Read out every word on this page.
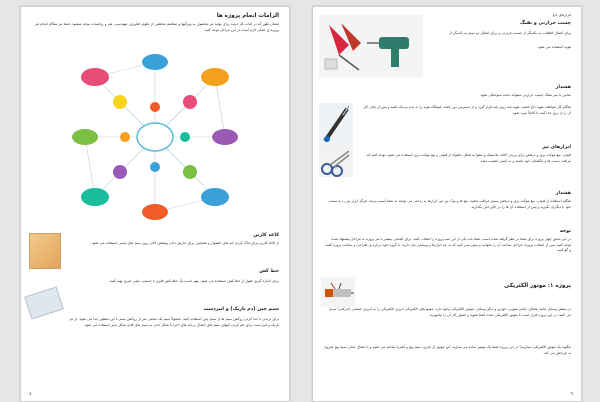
الزامات انجام پروژه ها
شمان طور که در کتاب کار دیدید برای تولید هر محصول به ویژگیها و مفاهیم مختلفی از علوم، فناوری، مهندسی، هنر و ریاضیات توجه میشود. شما نیز هنگام انجام هر پروژه ی عملی لازم است در این مراحل توجه کنید.
کاغذ کاربن
از کاغذ کاربن برای ماک کردن لبه های ناهموار و همچنین برای خارش دادن پوشش لاکی روی سیم های مسی استفاده می شود.
خط کش
برای اندازه گیری طول از خط کش استفاده می شود. بهتر است یک خط کش فلزی یا حسابی میلی متری تهیه کنید.
سیم چین (دم باریک) و انبردست
برای بریدن یا جدا کردن روکش سیم ها از سیم چین استفاده کنید. معمولاً سیم یک سانتی متر از روکش سیم با این منظور جدا می شود. از دم باریک و انبردست برای خم کردن انتهای سیم های اتصال و پایه های اجزا با شکل دادن به سیم های قابل شکل پذیر استفاده می شود.
۸
ابزارهای داغ
چسب حرارتی و تفنگ
برای اتصال قطعات به یکدیگر از چسب حرارتی و برای اتصال دو سیم به یکدیگر از
هویه استفاده می شود.
هشدار
نماس با سر تفنگ چسب حرارتی میتواند باعث سوختگی شود.
هنگام کار مواظب هویه داغ باشید. هویه باید روی پایه قرار گیرد و از دسترس دور باشد. هیچگاه هویه را به بدن نزدیک نکنید و پس از پایان کار آن را از برق جدا کنید تا کاملاً سرد شود.
ابزارهای تیز
قیچی، تیغ موکت بری و درفش برای بریدن کاغذ، پلاستیک و مقوا به شکل دلخواه از قیچی و تیغ موکت بری استفاده می شود. توجه کنید که مراقب دست ها و انگشتان خود باشید و به ایمنی اهمیت دهید.
هشدار
هنگام استفاده از قیچی، تیغ موکت بری و درفش بسیار مراقب باشید. تیغ ها و نوک تیز این ابزارها به راحتی می توانند به شما آسیب بزنند. هرگز ابزار تیز را به سمت خود یا دیگران نگیرید و پس از استفاده آن ها را در جای امن بگذارید.
توجه
در این بخش چهار پروژه برای شما در نظر گرفته شده است. شما باید یکی از این سه پروژه را انتخاب کنید. برای آشنایی بیشتر با هر پروژه به مراحل پیشنهاد شده توجه کنید. پس از انتخاب پروژه، مراحل ساخت آن را بخوانید و پیش بینی کنید که به چه ابزارها و وسایلی نیاز دارید. با گروه خود درباره ی طراحی و ساخت پروژه گفت و گو کنید.
پروژه ۱: موتور الکتریکی
در بیشتر وسایل مانند یخچال، لباس شویی، خودرو و دیگر وسایل، موتور الکتریکی وجود دارد. موتورهای الکتریکی انرژی الکتریکی را به انرژی جنبشی (حرکتی) تبدیل می کنند. در این پروژه قرار است با موتور الکتریکی ساده آشنا شوید و اصول کار آن را بیاموزید.
چگونه یک موتور الکتریکی بسازیم؟ در این پروژه شما یک موتور ساده می سازید. این موتور از باتری، سیم پیچ و آهنربا ساخته می شود و با اتصال مدار، سیم پیچ شروع به چرخش می کند.
۹
